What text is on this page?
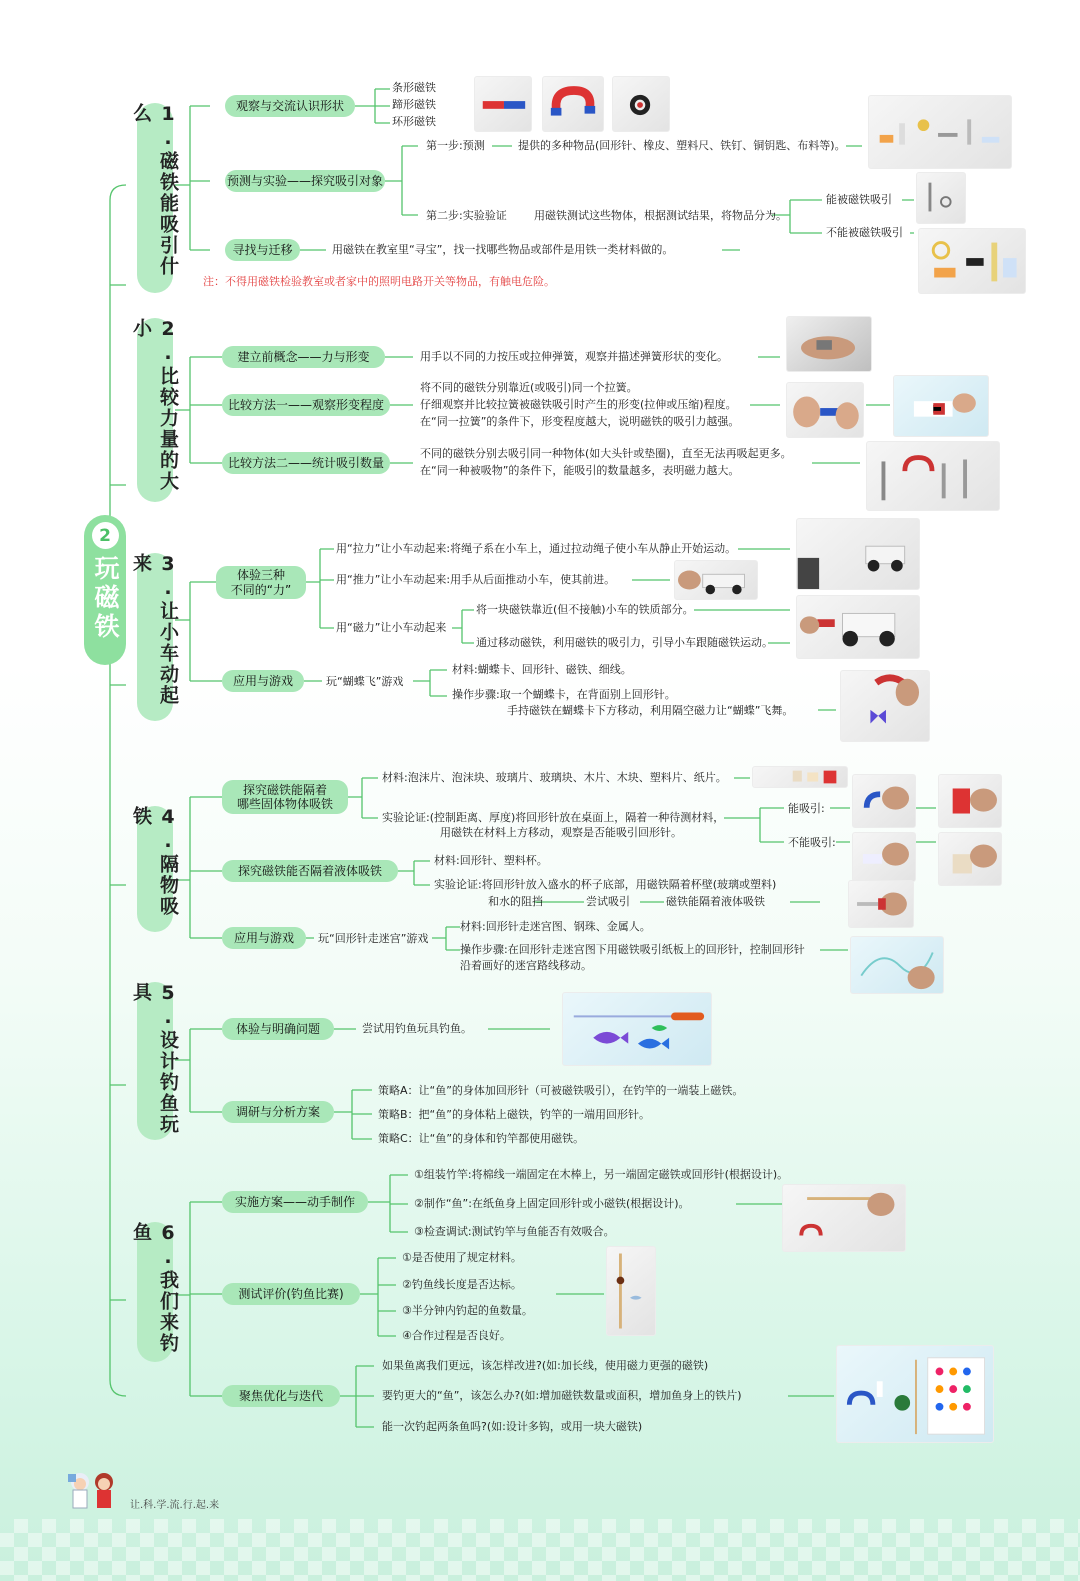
2
玩磁铁
1.磁铁能吸引什么
2.比较力量的大小
3.让小车动起来
4.隔物吸铁
5.设计钓鱼玩具
6.我们来钓鱼
观察与交流认识形状
条形磁铁
蹄形磁铁
环形磁铁
预测与实验——探究吸引对象
第一步:预测	提供的多种物品(回形针、橡皮、塑料尺、铁钉、铜钥匙、布料等)。
第二步:实验验证 用磁铁测试这些物体，根据测试结果，将物品分为。
能被磁铁吸引
不能被磁铁吸引
寻找与迁移	用磁铁在教室里“寻宝”，找一找哪些物品或部件是用铁一类材料做的。
注：不得用磁铁检验教室或者家中的照明电路开关等物品，有触电危险。
建立前概念——力与形变	用手以不同的力按压或拉伸弹簧，观察并描述弹簧形状的变化。
比较方法一——观察形变程度
将不同的磁铁分别靠近(或吸引)同一个拉簧。
仔细观察并比较拉簧被磁铁吸引时产生的形变(拉伸或压缩)程度。
在“同一拉簧”的条件下，形变程度越大，说明磁铁的吸引力越强。
比较方法二——统计吸引数量
不同的磁铁分别去吸引同一种物体(如大头针或垫圈)，直至无法再吸起更多。
在“同一种被吸物”的条件下，能吸引的数量越多，表明磁力越大。
体验三种
不同的“力”
用“拉力”让小车动起来:将绳子系在小车上，通过拉动绳子使小车从静止开始运动。
用“推力”让小车动起来:用手从后面推动小车，使其前进。
用“磁力”让小车动起来
将一块磁铁靠近(但不接触)小车的铁质部分。
通过移动磁铁，利用磁铁的吸引力，引导小车跟随磁铁运动。
应用与游戏	玩“蝴蝶飞”游戏
材料:蝴蝶卡、回形针、磁铁、细线。
操作步骤:取一个蝴蝶卡，在背面别上回形针。
手持磁铁在蝴蝶卡下方移动，利用隔空磁力让“蝴蝶”飞舞。
探究磁铁能隔着
哪些固体物体吸铁
材料:泡沫片、泡沫块、玻璃片、玻璃块、木片、木块、塑料片、纸片。
实验论证:(控制距离、厚度)将回形针放在桌面上，隔着一种待测材料，
用磁铁在材料上方移动，观察是否能吸引回形针。
能吸引:
不能吸引:
探究磁铁能否隔着液体吸铁
材料:回形针、塑料杯。
实验论证:将回形针放入盛水的杯子底部，用磁铁隔着杯壁(玻璃或塑料)
和水的阻挡	尝试吸引	磁铁能隔着液体吸铁
应用与游戏	玩“回形针走迷宫”游戏
材料:回形针走迷宫图、钢珠、金属人。
操作步骤:在回形针走迷宫图下用磁铁吸引纸板上的回形针，控制回形针
沿着画好的迷宫路线移动。
体验与明确问题	尝试用钓鱼玩具钓鱼。
调研与分析方案
策略A：让“鱼”的身体加回形针（可被磁铁吸引），在钓竿的一端装上磁铁。
策略B：把“鱼”的身体粘上磁铁，钓竿的一端用回形针。
策略C：让“鱼”的身体和钓竿都使用磁铁。
实施方案——动手制作
①组装竹竿:将棉线一端固定在木棒上，另一端固定磁铁或回形针(根据设计)。
②制作“鱼”:在纸鱼身上固定回形针或小磁铁(根据设计)。
③检查调试:测试钓竿与鱼能否有效吸合。
测试评价(钓鱼比赛)
①是否使用了规定材料。
②钓鱼线长度是否达标。
③半分钟内钓起的鱼数量。
④合作过程是否良好。
聚焦优化与迭代
如果鱼离我们更远，该怎样改进?(如:加长线，使用磁力更强的磁铁)
要钓更大的“鱼”，该怎么办?(如:增加磁铁数量或面积，增加鱼身上的铁片)
能一次钓起两条鱼吗?(如:设计多钩，或用一块大磁铁)
让.科.学.流.行.起.来
